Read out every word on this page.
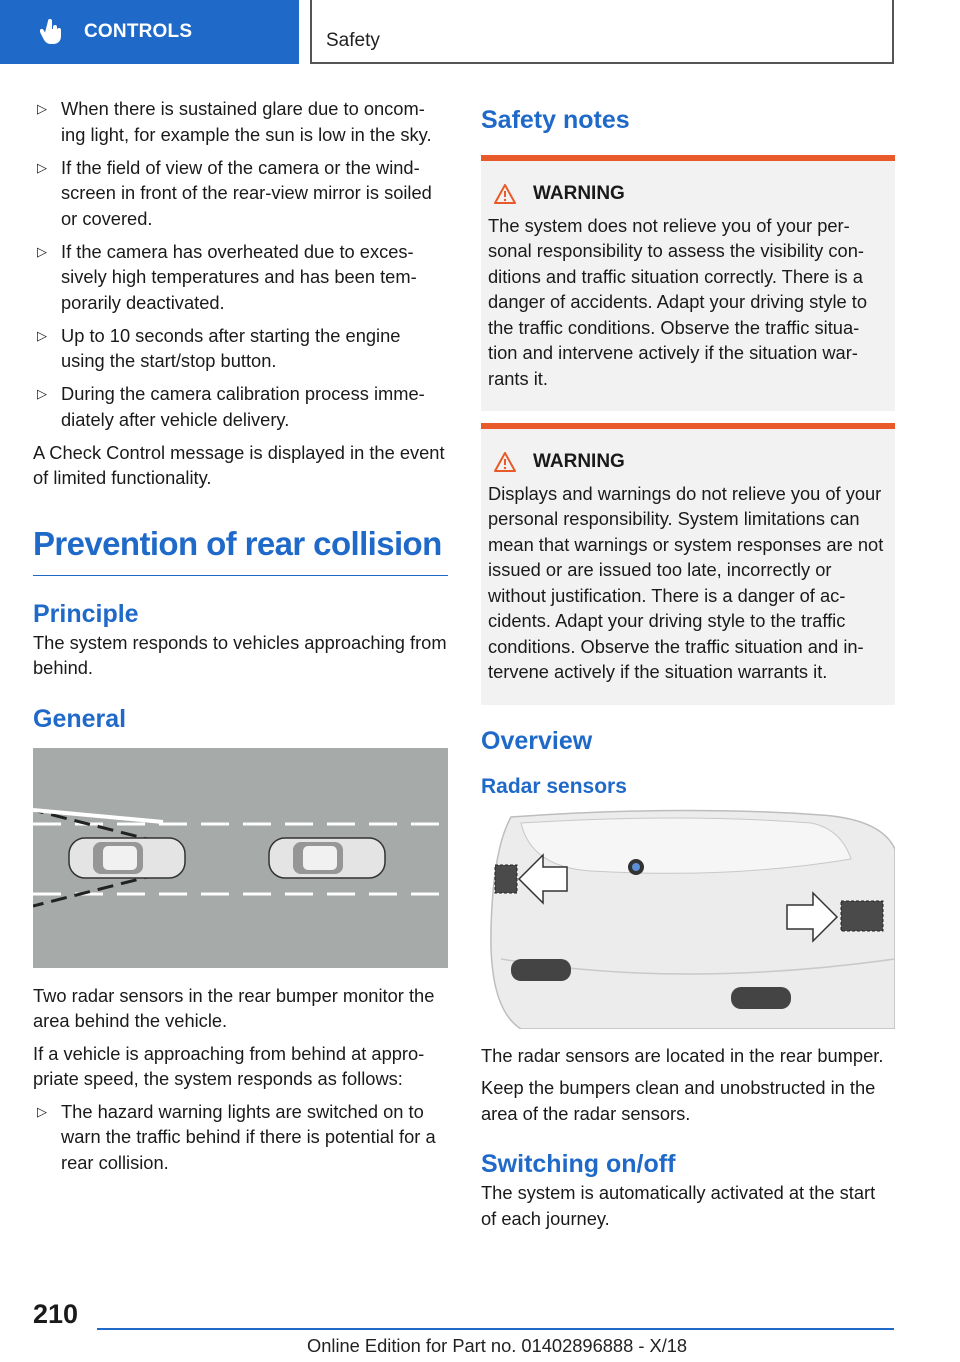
CONTROLS	Safety
▷ When there is sustained glare due to oncom-ing light, for example the sun is low in the sky.
▷ If the field of view of the camera or the wind-screen in front of the rear-view mirror is soiled or covered.
▷ If the camera has overheated due to exces-sively high temperatures and has been tem-porarily deactivated.
▷ Up to 10 seconds after starting the engine using the start/stop button.
▷ During the camera calibration process imme-diately after vehicle delivery.

A Check Control message is displayed in the event of limited functionality.

Prevention of rear collision
Principle

The system responds to vehicles approaching from behind.

General

Two radar sensors in the rear bumper monitor the area behind the vehicle.

If a vehicle is approaching from behind at appro-priate speed, the system responds as follows:

▷ The hazard warning lights are switched on to warn the traffic behind if there is potential for a rear collision.
Safety notes
WARNING

The system does not relieve you of your per-sonal responsibility to assess the visibility con-ditions and traffic situation correctly. There is a danger of accidents. Adapt your driving style to the traffic conditions. Observe the traffic situa-tion and intervene actively if the situation war-rants it.

WARNING

Displays and warnings do not relieve you of your personal responsibility. System limitations can mean that warnings or system responses are not issued or are issued too late, incorrectly or without justification. There is a danger of ac-cidents. Adapt your driving style to the traffic conditions. Observe the traffic situation and in-tervene actively if the situation warrants it.

Overview
Radar sensors

The radar sensors are located in the rear bumper.

Keep the bumpers clean and unobstructed in the area of the radar sensors.

Switching on/off

The system is automatically activated at the start of each journey.

210
Online Edition for Part no. 01402896888 - X/18
